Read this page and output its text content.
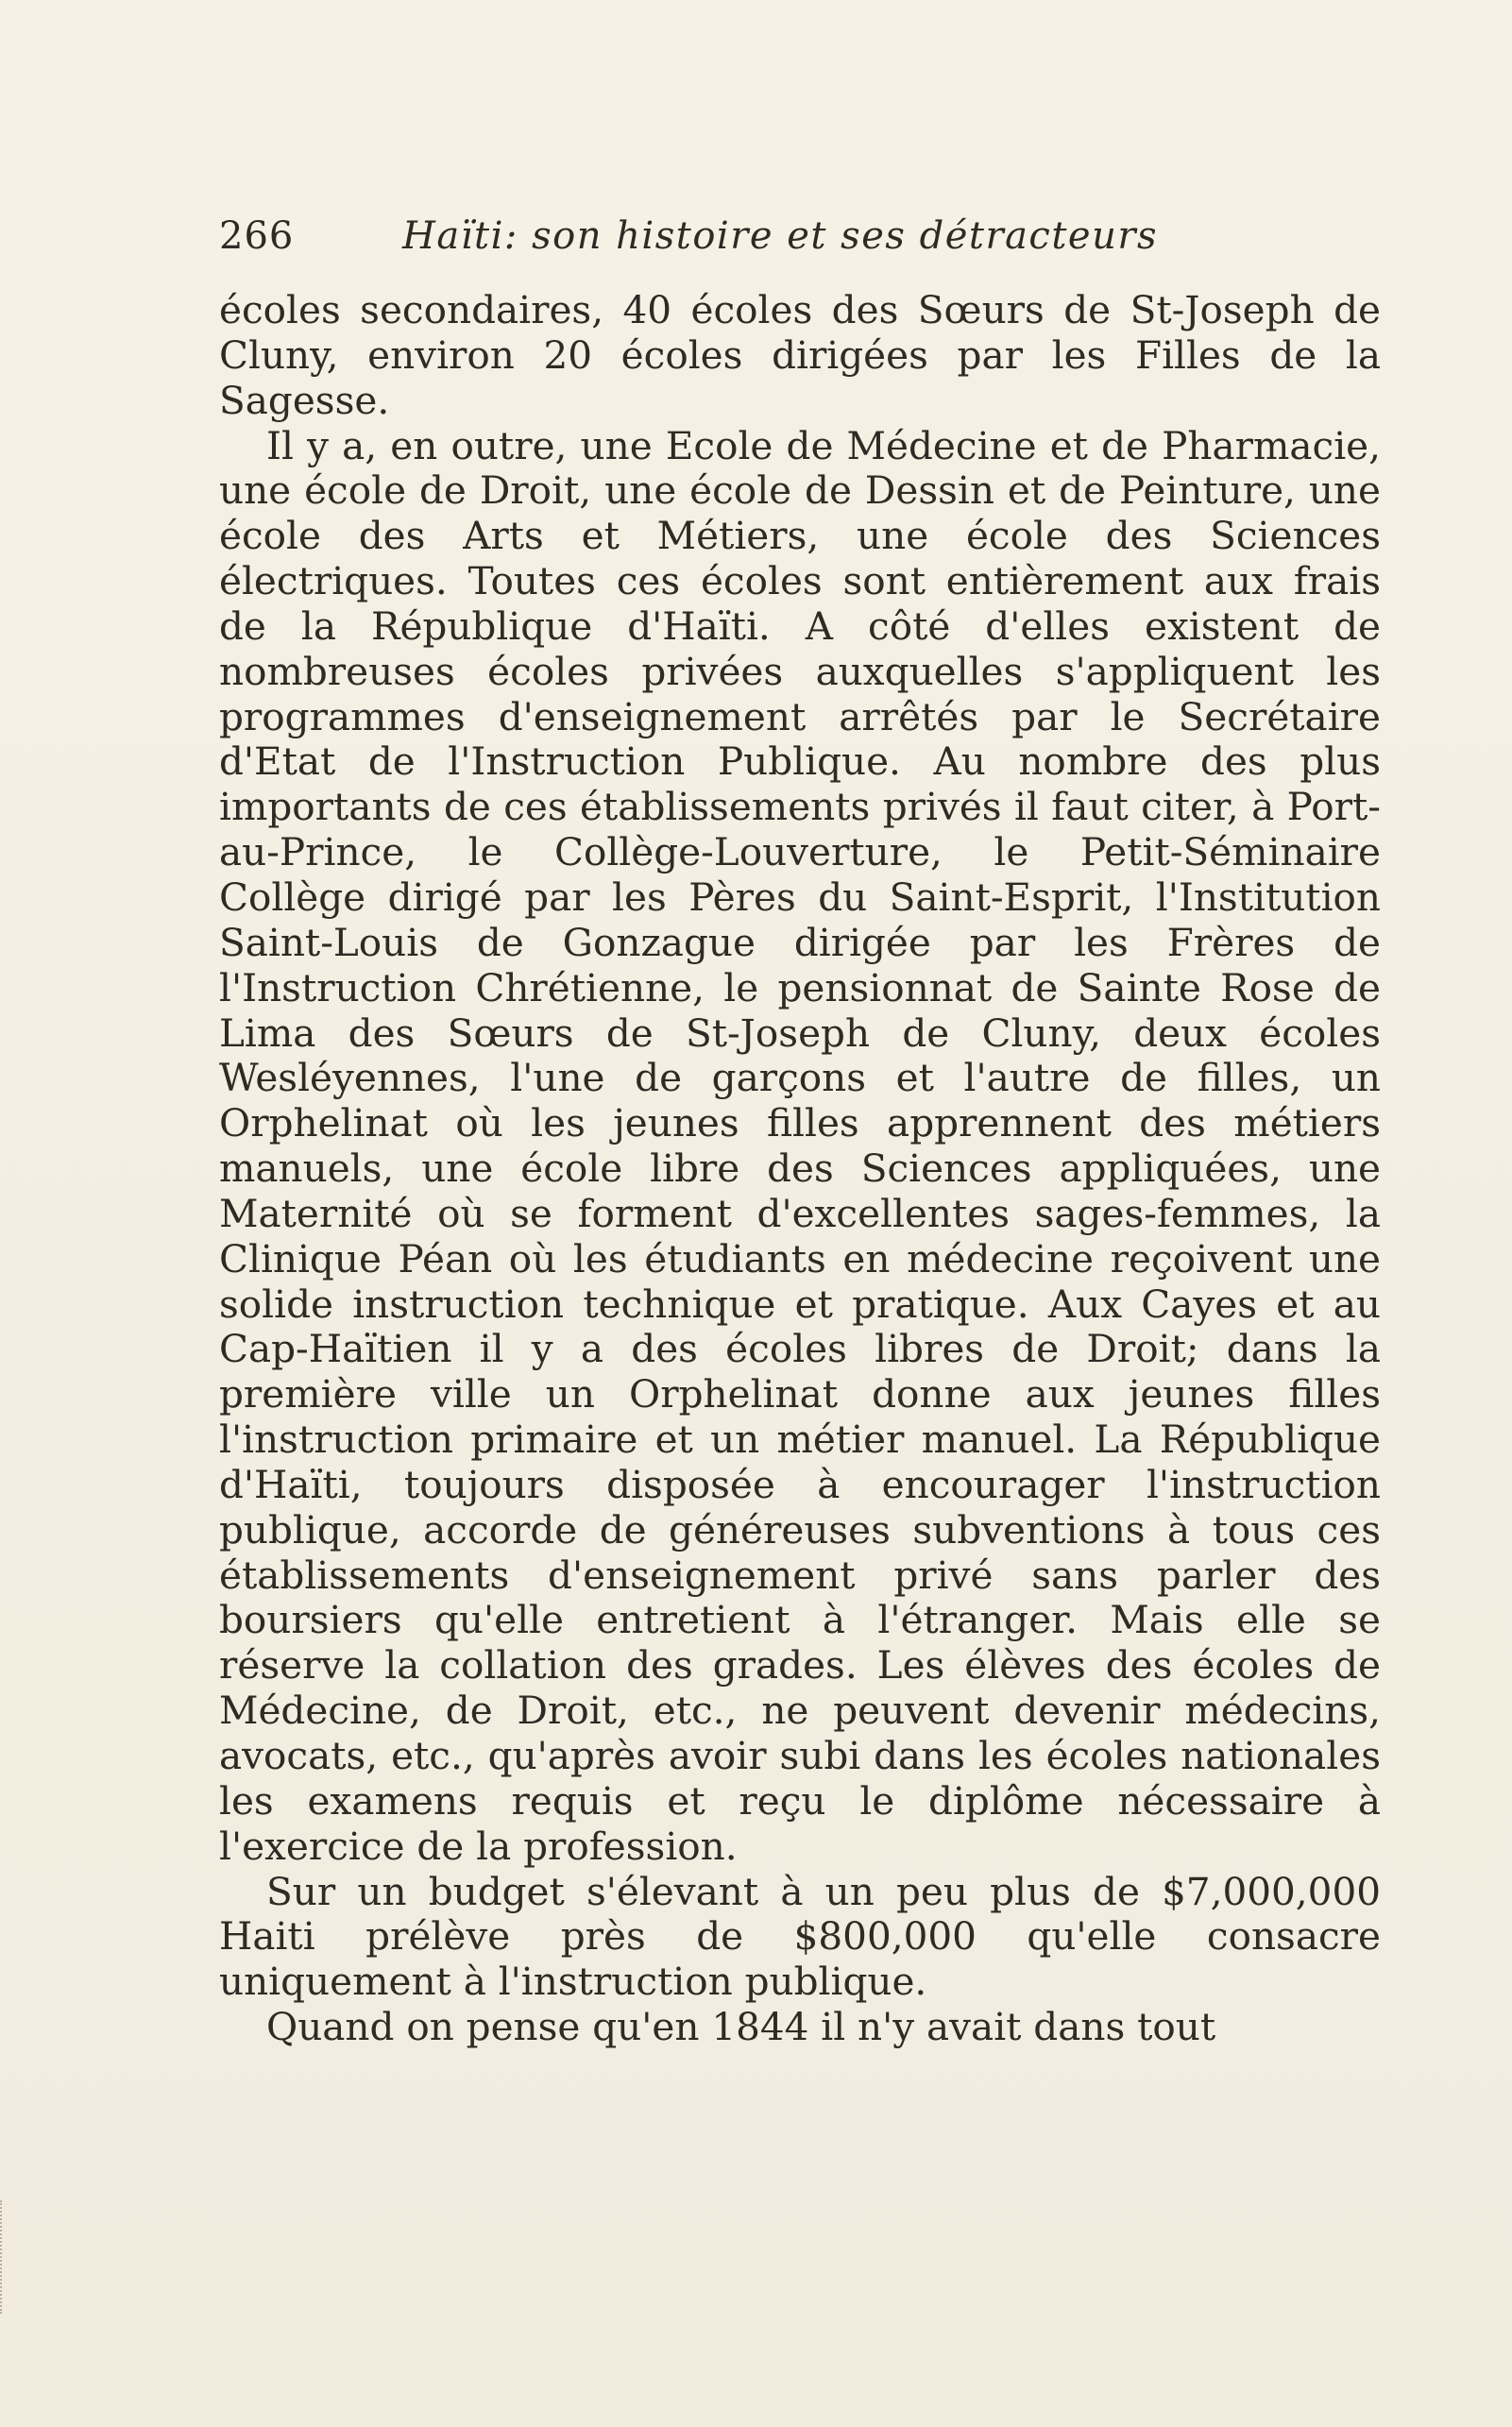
266	Haïti: son histoire et ses détracteurs

écoles secondaires, 40 écoles des Sœurs de St-Joseph de Cluny, environ 20 écoles dirigées par les Filles de la Sagesse.

Il y a, en outre, une Ecole de Médecine et de Pharmacie, une école de Droit, une école de Dessin et de Peinture, une école des Arts et Métiers, une école des Sciences électriques. Toutes ces écoles sont entièrement aux frais de la République d'Haïti. A côté d'elles existent de nombreuses écoles privées auxquelles s'appliquent les programmes d'enseignement arrêtés par le Secrétaire d'Etat de l'Instruction Publique. Au nombre des plus importants de ces établissements privés il faut citer, à Port-au-Prince, le Collège-Louverture, le Petit-Séminaire Collège dirigé par les Pères du Saint-Esprit, l'Institution Saint-Louis de Gonzague dirigée par les Frères de l'Instruction Chrétienne, le pensionnat de Sainte Rose de Lima des Sœurs de St-Joseph de Cluny, deux écoles Wesléyennes, l'une de garçons et l'autre de filles, un Orphelinat où les jeunes filles apprennent des métiers manuels, une école libre des Sciences appliquées, une Maternité où se forment d'excellentes sages-femmes, la Clinique Péan où les étudiants en médecine reçoivent une solide instruction technique et pratique. Aux Cayes et au Cap-Haïtien il y a des écoles libres de Droit; dans la première ville un Orphelinat donne aux jeunes filles l'instruction primaire et un métier manuel. La République d'Haïti, toujours disposée à encourager l'instruction publique, accorde de généreuses subventions à tous ces établissements d'enseignement privé sans parler des boursiers qu'elle entretient à l'étranger. Mais elle se réserve la collation des grades. Les élèves des écoles de Médecine, de Droit, etc., ne peuvent devenir médecins, avocats, etc., qu'après avoir subi dans les écoles nationales les examens requis et reçu le diplôme nécessaire à l'exercice de la profession.

Sur un budget s'élevant à un peu plus de $7,000,000 Haiti prélève près de $800,000 qu'elle consacre uniquement à l'instruction publique.

Quand on pense qu'en 1844 il n'y avait dans tout
